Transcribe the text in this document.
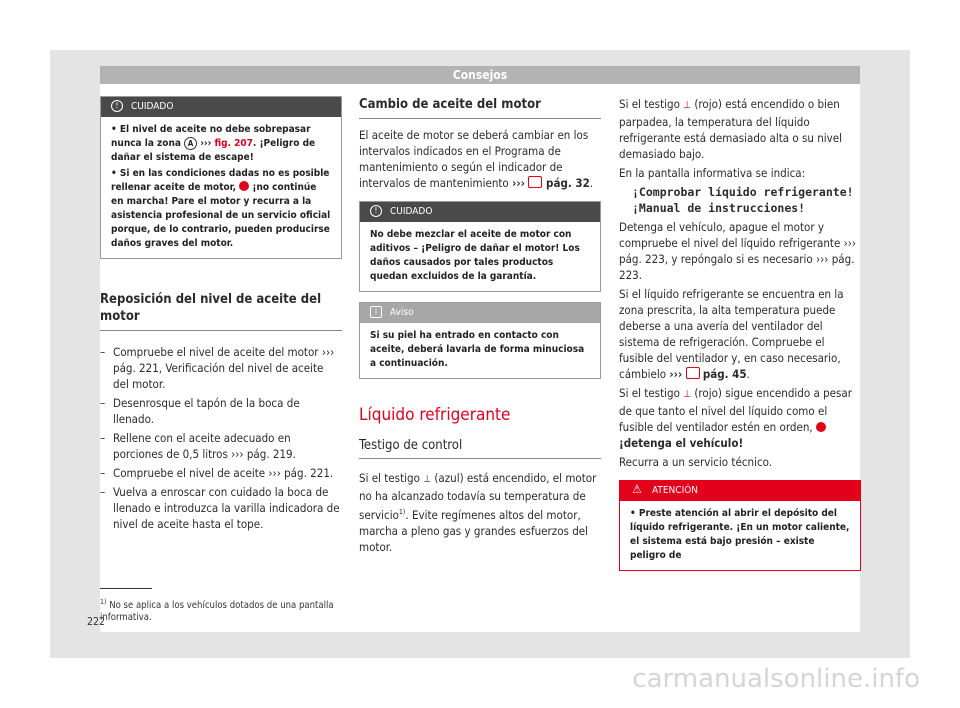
Consejos
! CUIDADO

• El nivel de aceite no debe sobrepasar nunca la zona A ››› fig. 207. ¡Peligro de dañar el sistema de escape!

• Si en las condiciones dadas no es posible rellenar aceite de motor, ¡no continúe en marcha! Pare el motor y recurra a la asistencia profesional de un servicio oficial porque, de lo contrario, pueden producirse daños graves del motor.

Reposición del nivel de aceite del motor
– Compruebe el nivel de aceite del motor ››› pág. 221, Verificación del nivel de aceite del motor.
– Desenrosque el tapón de la boca de llenado.
– Rellene con el aceite adecuado en porciones de 0,5 litros ››› pág. 219.
– Compruebe el nivel de aceite ››› pág. 221.
– Vuelva a enroscar con cuidado la boca de llenado e introduzca la varilla indicadora de nivel de aceite hasta el tope.
Cambio de aceite del motor

El aceite de motor se deberá cambiar en los intervalos indicados en el Programa de mantenimiento o según el indicador de intervalos de mantenimiento ›››  pág. 32.

! CUIDADO
No debe mezclar el aceite de motor con aditivos – ¡Peligro de dañar el motor! Los daños causados por tales productos quedan excluidos de la garantía.
i Aviso
Si su piel ha entrado en contacto con aceite, deberá lavarla de forma minuciosa a continuación.
Líquido refrigerante
Testigo de control

Si el testigo ⊥ (azul) está encendido, el motor no ha alcanzado todavía su temperatura de servicio$^{1)}$. Evite regímenes altos del motor, marcha a pleno gas y grandes esfuerzos del motor.

Si el testigo ⊥ (rojo) está encendido o bien parpadea, la temperatura del líquido refrigerante está demasiado alta o su nivel demasiado bajo.

En la pantalla informativa se indica:

¡Comprobar líquido refrigerante!

¡Manual de instrucciones!

Detenga el vehículo, apague el motor y compruebe el nivel del líquido refrigerante ››› pág. 223, y repóngalo si es necesario ››› pág. 223.

Si el líquido refrigerante se encuentra en la zona prescrita, la alta temperatura puede deberse a una avería del ventilador del sistema de refrigeración. Compruebe el fusible del ventilador y, en caso necesario, cámbielo ››› pág. 45.

Si el testigo ⊥ (rojo) sigue encendido a pesar de que tanto el nivel del líquido como el fusible del ventilador estén en orden,  ¡detenga el vehículo!

Recurra a un servicio técnico.

⚠ ATENCIÓN
• Preste atención al abrir el depósito del líquido refrigerante. ¡En un motor caliente, el sistema está bajo presión – existe peligro de

$^{1)}$ No se aplica a los vehículos dotados de una pantalla informativa.

222
carmanualsonline.info
